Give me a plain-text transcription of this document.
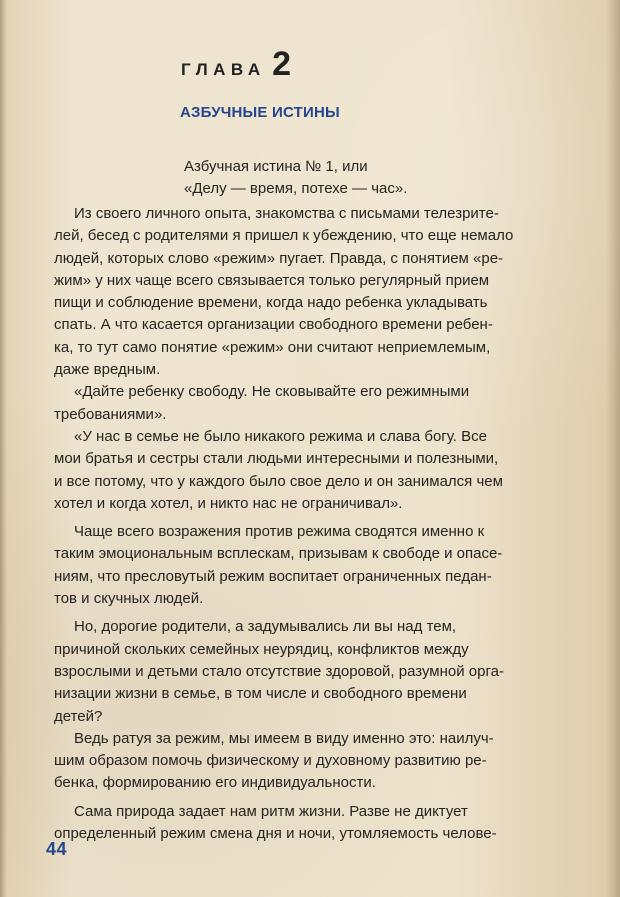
ГЛАВА 2
АЗБУЧНЫЕ ИСТИНЫ
Азбучная истина № 1, или
«Делу — время, потехе — час».
Из своего личного опыта, знакомства с письмами телезрите-
лей, бесед с родителями я пришел к убеждению, что еще немало
людей, которых слово «режим» пугает. Правда, с понятием «ре-
жим» у них чаще всего связывается только регулярный прием
пищи и соблюдение времени, когда надо ребенка укладывать
спать. А что касается организации свободного времени ребен-
ка, то тут само понятие «режим» они считают неприемлемым,
даже вредным.
«Дайте ребенку свободу. Не сковывайте его режимными
требованиями».
«У нас в семье не было никакого режима и слава богу. Все
мои братья и сестры стали людьми интересными и полезными,
и все потому, что у каждого было свое дело и он занимался чем
хотел и когда хотел, и никто нас не ограничивал».
Чаще всего возражения против режима сводятся именно к
таким эмоциональным всплескам, призывам к свободе и опасе-
ниям, что пресловутый режим воспитает ограниченных педан-
тов и скучных людей.
Но, дорогие родители, а задумывались ли вы над тем,
причиной скольких семейных неурядиц, конфликтов между
взрослыми и детьми стало отсутствие здоровой, разумной орга-
низации жизни в семье, в том числе и свободного времени
детей?
Ведь ратуя за режим, мы имеем в виду именно это: наилуч-
шим образом помочь физическому и духовному развитию ре-
бенка, формированию его индивидуальности.
Сама природа задает нам ритм жизни. Разве не диктует
определенный режим смена дня и ночи, утомляемость челове-
44
